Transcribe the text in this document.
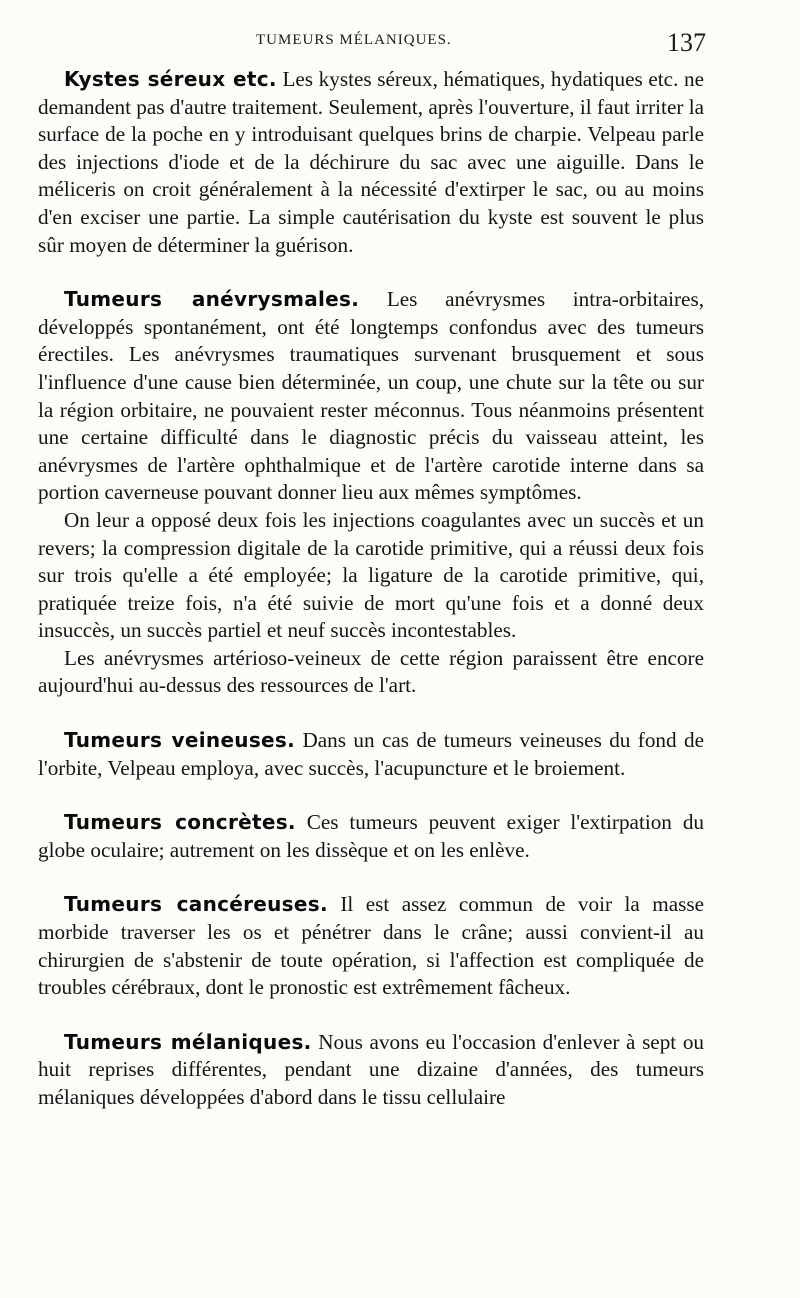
TUMEURS MÉLANIQUES.	137

Kystes séreux etc. Les kystes séreux, hématiques, hydatiques etc. ne demandent pas d'autre traitement. Seulement, après l'ouverture, il faut irriter la surface de la poche en y introduisant quelques brins de charpie. Velpeau parle des injections d'iode et de la déchirure du sac avec une aiguille. Dans le méliceris on croit généralement à la nécessité d'extirper le sac, ou au moins d'en exciser une partie. La simple cautérisation du kyste est souvent le plus sûr moyen de déterminer la guérison.

Tumeurs anévrysmales. Les anévrysmes intra-orbitaires, développés spontanément, ont été longtemps confondus avec des tumeurs érectiles. Les anévrysmes traumatiques survenant brusquement et sous l'influence d'une cause bien déterminée, un coup, une chute sur la tête ou sur la région orbitaire, ne pouvaient rester méconnus. Tous néanmoins présentent une certaine difficulté dans le diagnostic précis du vaisseau atteint, les anévrysmes de l'artère ophthalmique et de l'artère carotide interne dans sa portion caverneuse pouvant donner lieu aux mêmes symptômes.

On leur a opposé deux fois les injections coagulantes avec un succès et un revers; la compression digitale de la carotide primitive, qui a réussi deux fois sur trois qu'elle a été employée; la ligature de la carotide primitive, qui, pratiquée treize fois, n'a été suivie de mort qu'une fois et a donné deux insuccès, un succès partiel et neuf succès incontestables.

Les anévrysmes artérioso-veineux de cette région paraissent être encore aujourd'hui au-dessus des ressources de l'art.

Tumeurs veineuses. Dans un cas de tumeurs veineuses du fond de l'orbite, Velpeau employa, avec succès, l'acupuncture et le broiement.

Tumeurs concrètes. Ces tumeurs peuvent exiger l'extirpation du globe oculaire; autrement on les dissèque et on les enlève.

Tumeurs cancéreuses. Il est assez commun de voir la masse morbide traverser les os et pénétrer dans le crâne; aussi convient-il au chirurgien de s'abstenir de toute opération, si l'affection est compliquée de troubles cérébraux, dont le pronostic est extrêmement fâcheux.

Tumeurs mélaniques. Nous avons eu l'occasion d'enlever à sept ou huit reprises différentes, pendant une dizaine d'années, des tumeurs mélaniques développées d'abord dans le tissu cellulaire
